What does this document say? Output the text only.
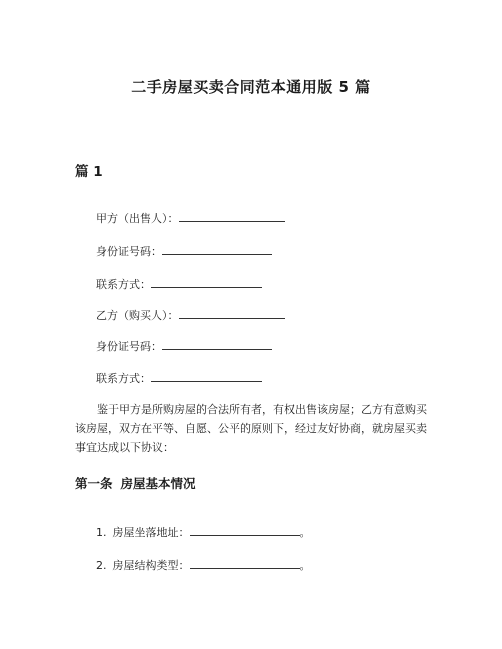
二手房屋买卖合同范本通用版 5 篇
篇 1
甲方（出售人）：
身份证号码：
联系方式：
乙方（购买人）：
身份证号码：
联系方式：
鉴于甲方是所购房屋的合法所有者，有权出售该房屋；乙方有意购买该房屋，双方在平等、自愿、公平的原则下，经过友好协商，就房屋买卖事宜达成以下协议：
第一条 房屋基本情况
1. 房屋坐落地址：	。
2. 房屋结构类型：	。
